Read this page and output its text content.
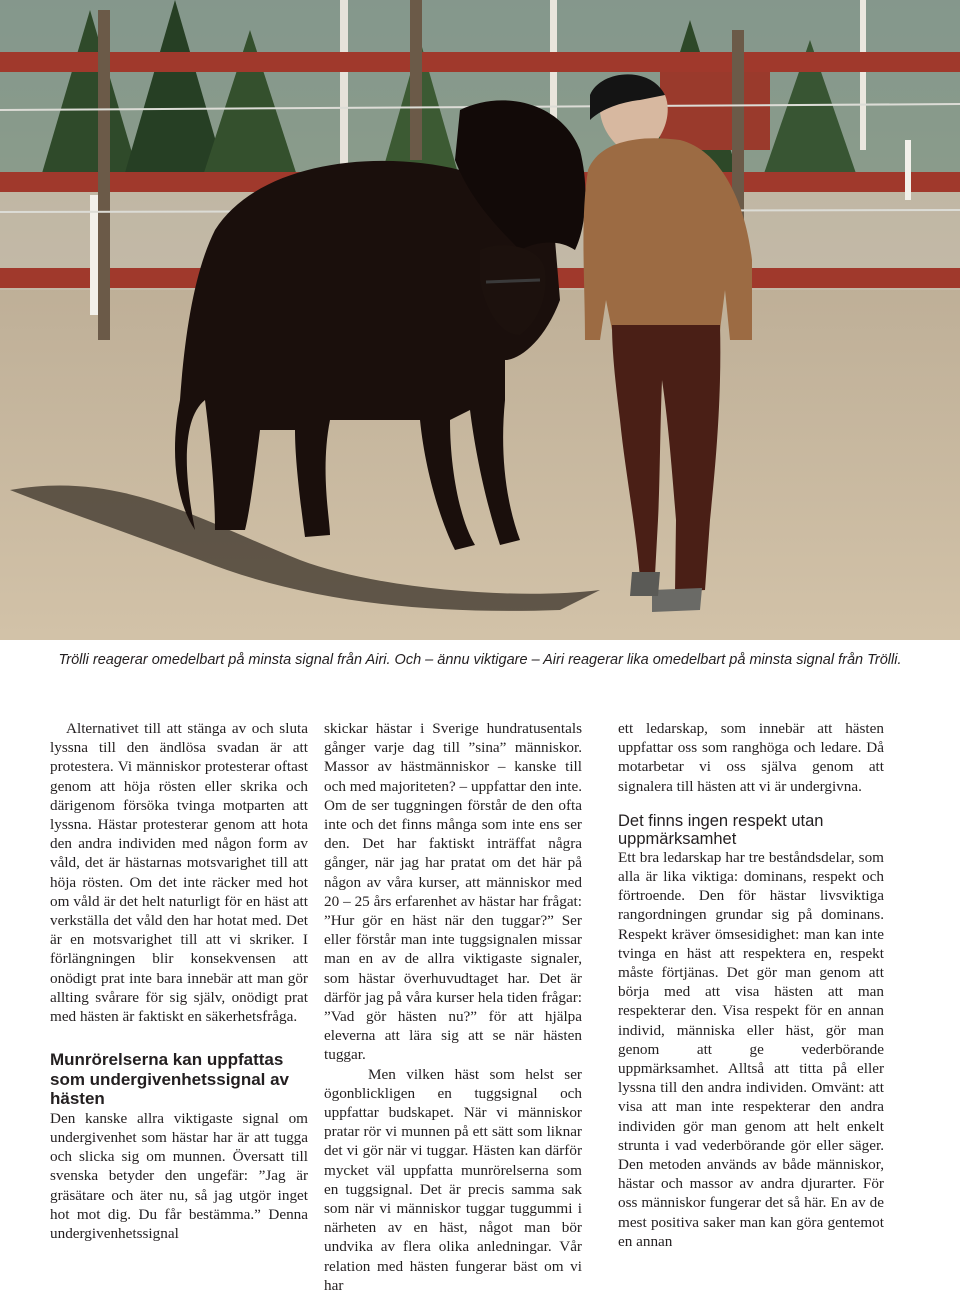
Trölli reagerar omedelbart på minsta signal från Airi. Och – ännu viktigare – Airi reagerar lika omedelbart på minsta signal från Trölli.

Alternativet till att stänga av och sluta lyssna till den ändlösa svadan är att protestera. Vi människor protesterar oftast genom att höja rösten eller skrika och därigenom försöka tvinga motparten att lyssna. Hästar protesterar genom att hota den andra individen med någon form av våld, det är hästarnas motsvarighet till att höja rösten. Om det inte räcker med hot om våld är det helt naturligt för en häst att verkställa det våld den har hotat med. Det är en motsvarighet till att vi skriker. I förlängningen blir konsekvensen att onödigt prat inte bara innebär att man gör allting svårare för sig själv, onödigt prat med hästen är faktiskt en säkerhetsfråga.

Munrörelserna kan uppfattas som undergivenhetssignal av hästen

Den kanske allra viktigaste signal om undergivenhet som hästar har är att tugga och slicka sig om munnen. Översatt till svenska betyder den ungefär: ”Jag är gräsätare och äter nu, så jag utgör inget hot mot dig. Du får bestämma.” Denna undergivenhetssignal

skickar hästar i Sverige hundratusentals gånger varje dag till ”sina” människor. Massor av hästmänniskor – kanske till och med majoriteten? – uppfattar den inte. Om de ser tuggningen förstår de den ofta inte och det finns många som inte ens ser den. Det har faktiskt inträffat några gånger, när jag har pratat om det här på någon av våra kurser, att människor med 20 – 25 års erfarenhet av hästar har frågat: ”Hur gör en häst när den tuggar?” Ser eller förstår man inte tuggsignalen missar man en av de allra viktigaste signaler, som hästar överhuvudtaget har. Det är därför jag på våra kurser hela tiden frågar: ”Vad gör hästen nu?” för att hjälpa eleverna att lära sig att se när hästen tuggar.

Men vilken häst som helst ser ögonblickligen en tuggsignal och uppfattar budskapet. När vi människor pratar rör vi munnen på ett sätt som liknar det vi gör när vi tuggar. Hästen kan därför mycket väl uppfatta munrörelserna som en tuggsignal. Det är precis samma sak som när vi människor tuggar tuggummi i närheten av en häst, något man bör undvika av flera olika anledningar. Vår relation med hästen fungerar bäst om vi har

ett ledarskap, som innebär att hästen uppfattar oss som ranghöga och ledare. Då motarbetar vi oss själva genom att signalera till hästen att vi är undergivna.

Det finns ingen respekt utan uppmärksamhet

Ett bra ledarskap har tre beståndsdelar, som alla är lika viktiga: dominans, respekt och förtroende. Den för hästar livsviktiga rangordningen grundar sig på dominans. Respekt kräver ömsesidighet: man kan inte tvinga en häst att respektera en, respekt måste förtjänas. Det gör man genom att börja med att visa hästen att man respekterar den. Visa respekt för en annan individ, människa eller häst, gör man genom att ge vederbörande uppmärksamhet. Alltså att titta på eller lyssna till den andra individen. Omvänt: att visa att man inte respekterar den andra individen gör man genom att helt enkelt strunta i vad vederbörande gör eller säger. Den metoden används av både människor, hästar och massor av andra djurarter. För oss människor fungerar det så här. En av de mest positiva saker man kan göra gentemot en annan
